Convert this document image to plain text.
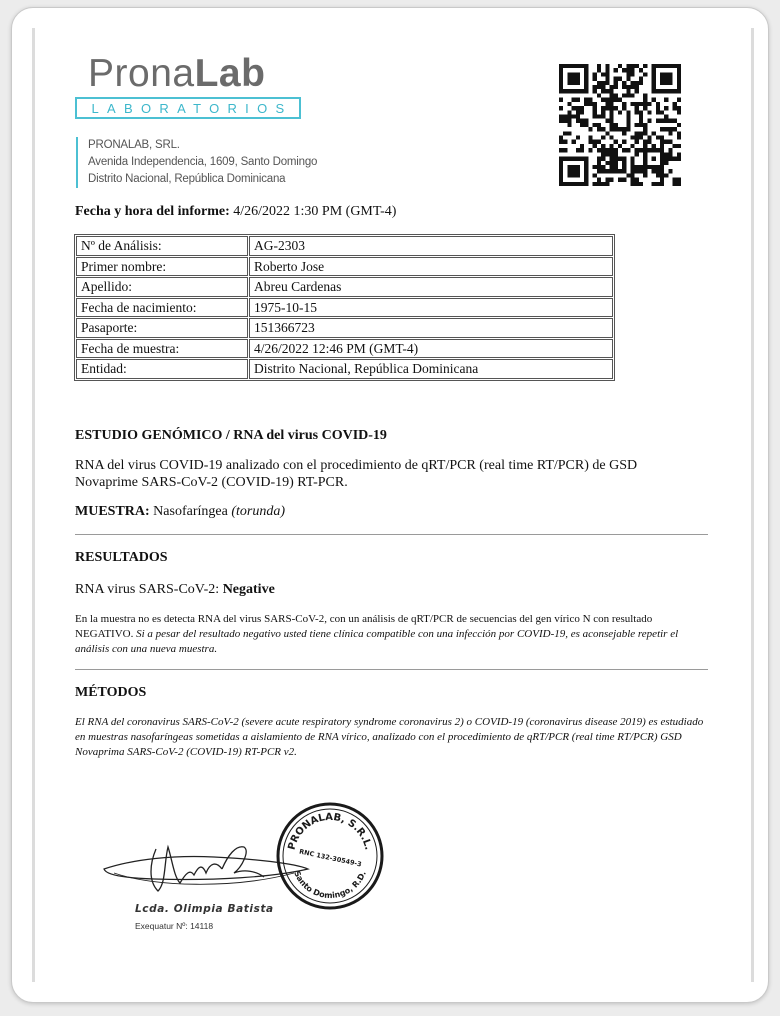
PronaLab
LABORATORIOS
PRONALAB, SRL.
Avenida Independencia, 1609, Santo Domingo
Distrito Nacional, República Dominicana
Fecha y hora del informe: 4/26/2022 1:30 PM (GMT-4)
Nº de Análisis:	AG-2303
Primer nombre:	Roberto Jose
Apellido:	Abreu Cardenas
Fecha de nacimiento:	1975-10-15
Pasaporte:	151366723
Fecha de muestra:	4/26/2022 12:46 PM (GMT-4)
Entidad:	Distrito Nacional, República Dominicana
ESTUDIO GENÓMICO / RNA del virus COVID-19
RNA del virus COVID-19 analizado con el procedimiento de qRT/PCR (real time RT/PCR) de GSD Novaprime SARS-CoV-2 (COVID-19) RT-PCR.
MUESTRA: Nasofaríngea (torunda)
RESULTADOS
RNA virus SARS-CoV-2: Negative
En la muestra no es detecta RNA del virus SARS-CoV-2, con un análisis de qRT/PCR de secuencias del gen vírico N con resultado NEGATIVO. Si a pesar del resultado negativo usted tiene clínica compatible con una infección por COVID-19, es aconsejable repetir el análisis con una nueva muestra.
MÉTODOS
El RNA del coronavirus SARS-CoV-2 (severe acute respiratory syndrome coronavirus 2) o COVID-19 (coronavirus disease 2019) es estudiado en muestras nasofaríngeas sometidas a aislamiento de RNA vírico, analizado con el procedimiento de qRT/PCR (real time RT/PCR) GSD Novaprima SARS-CoV-2 (COVID-19) RT-PCR v2.
PRONALAB, S.R.L.
RNC 132-30549-3
Santo Domingo, R.D.
Lcda. Olimpia Batista
Exequatur Nº: 14118
